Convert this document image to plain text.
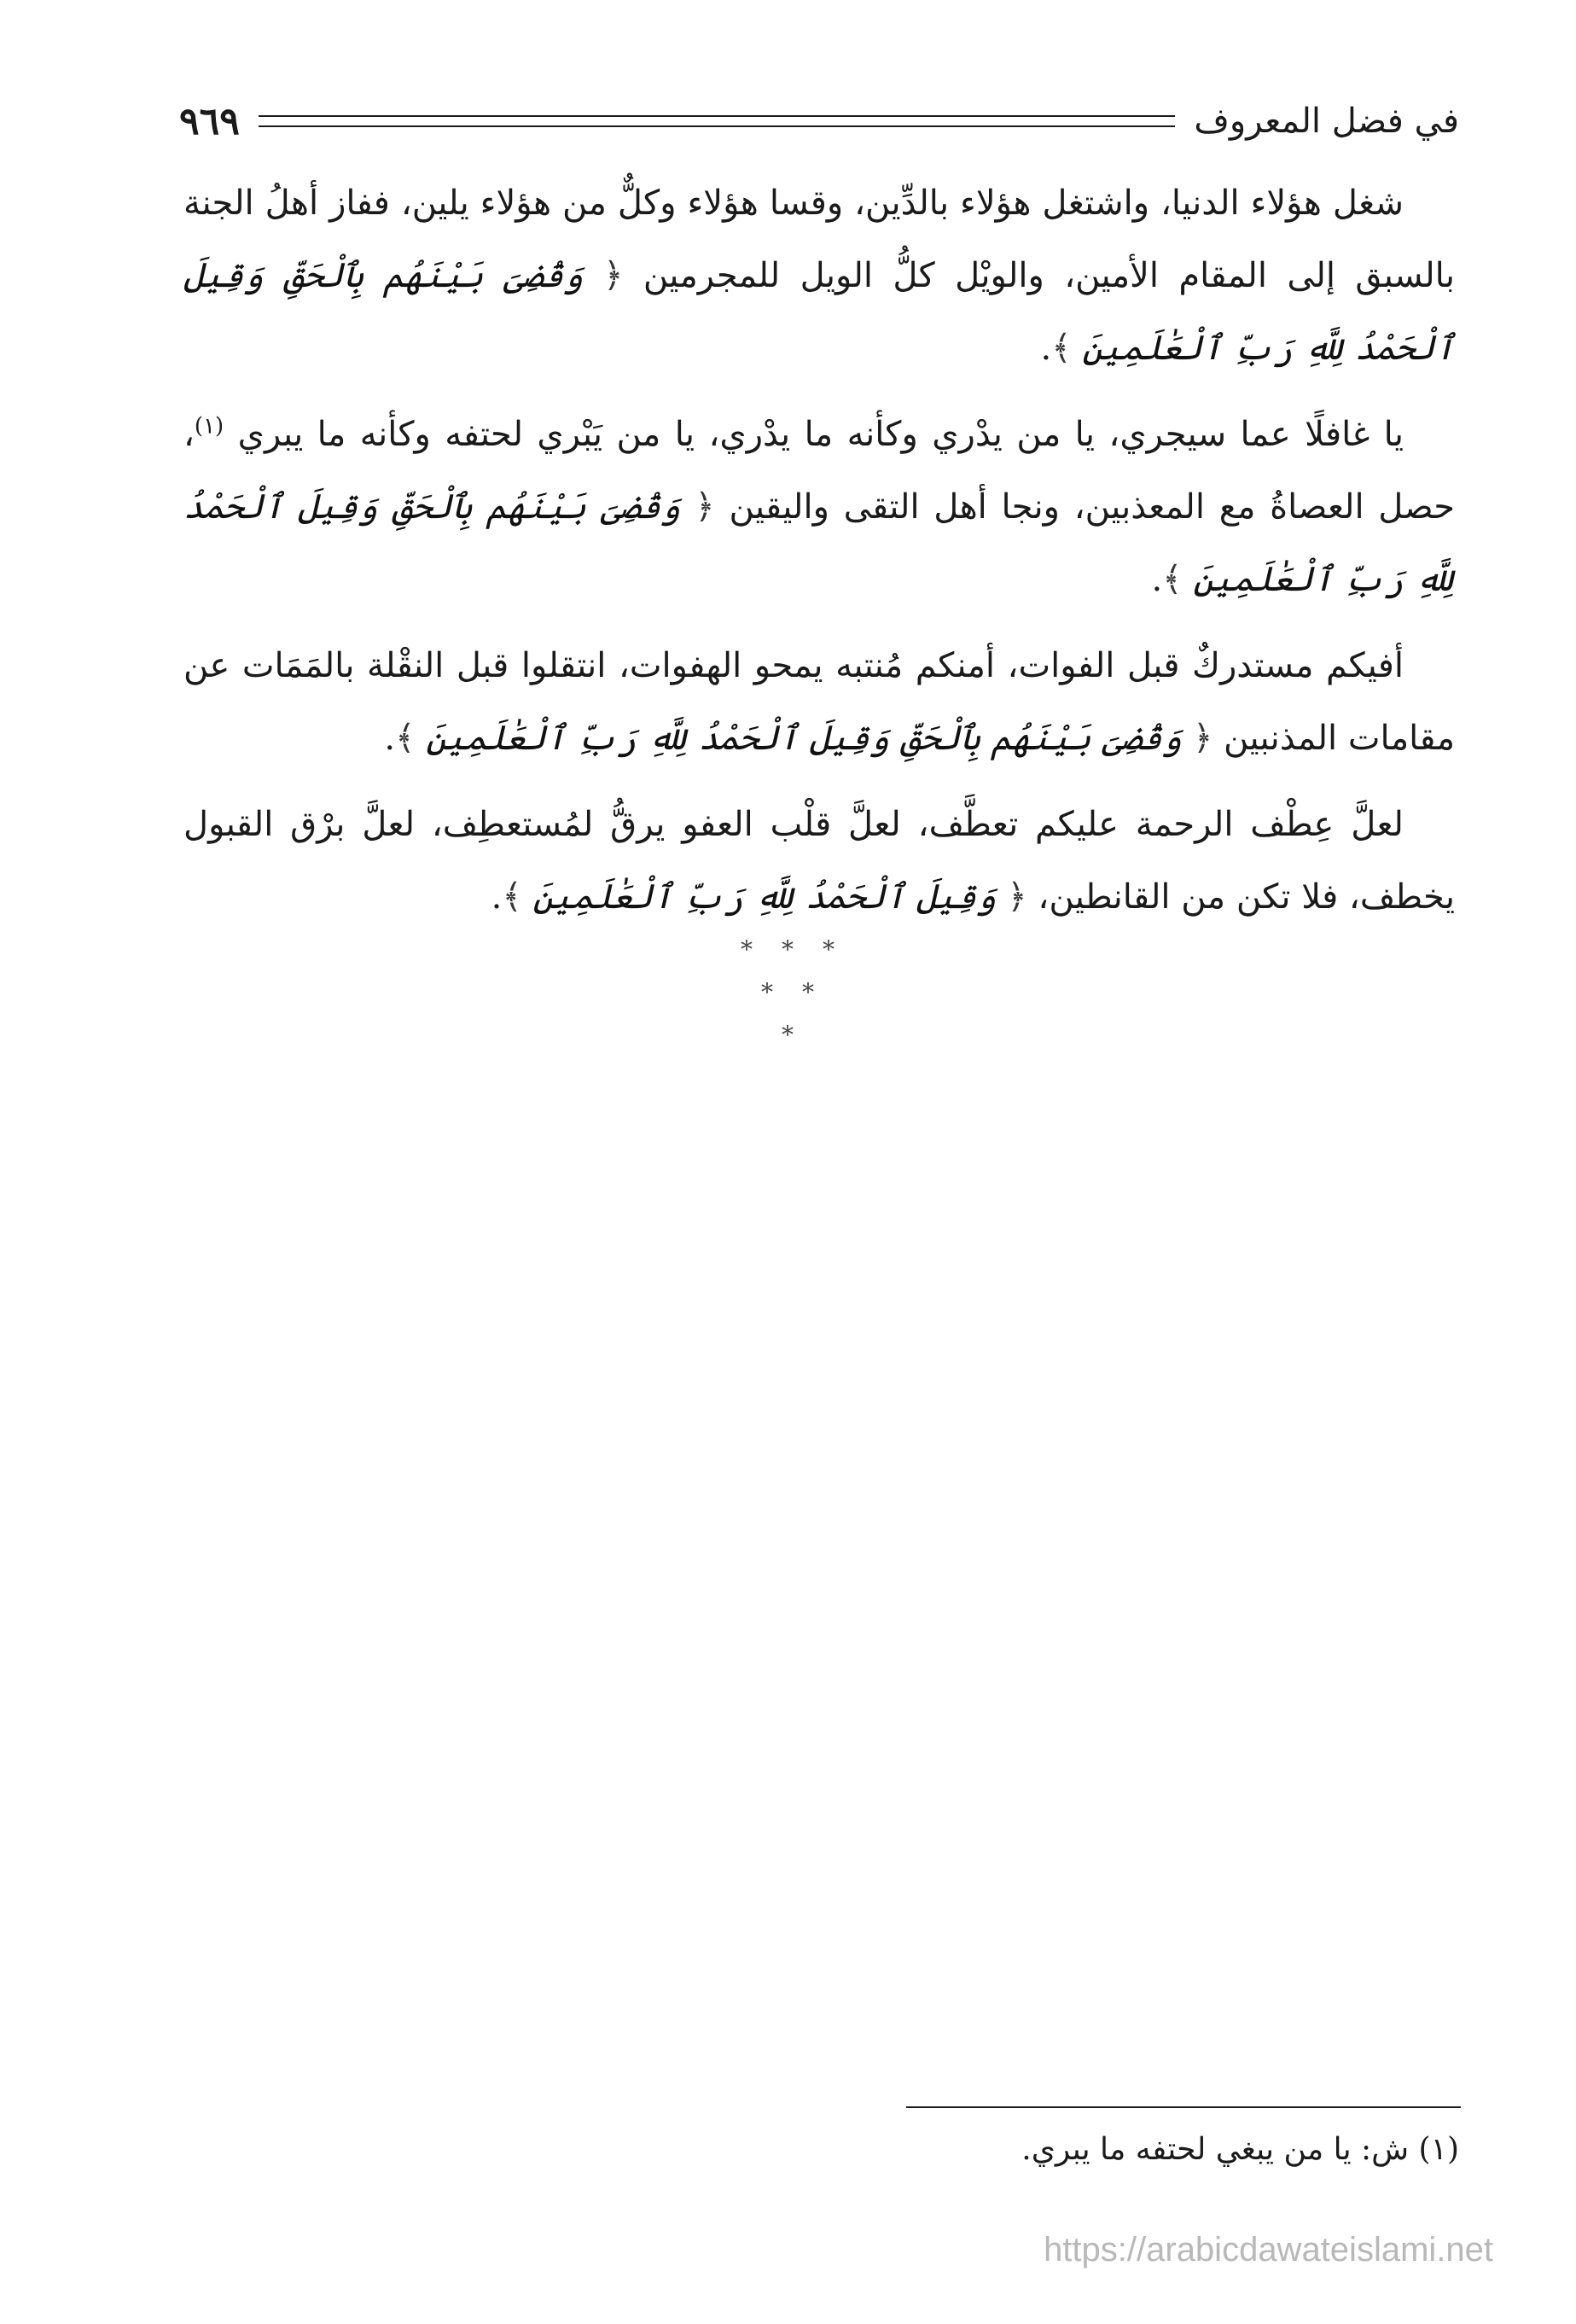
في فضل المعروف
٩٦٩

شغل هؤلاء الدنيا، واشتغل هؤلاء بالدِّين، وقسا هؤلاء وكلٌّ من هؤلاء يلين، ففاز أهلُ الجنة بالسبق إلى المقام الأمين، والويْل كلُّ الويل للمجرمين ﴿ وَقُضِىَ بَيْنَهُم بِٱلْحَقِّ وَقِيلَ ٱلْحَمْدُ لِلَّهِ رَبِّ ٱلْعَٰلَمِينَ ﴾.

يا غافلًا عما سيجري، يا من يدْري وكأنه ما يدْري، يا من يَبْري لحتفه وكأنه ما يبري $^{(١)}$، حصل العصاةُ مع المعذبين، ونجا أهل التقى واليقين ﴿ وَقُضِىَ بَيْنَهُم بِٱلْحَقِّ وَقِيلَ ٱلْحَمْدُ لِلَّهِ رَبِّ ٱلْعَٰلَمِينَ ﴾.

أفيكم مستدركٌ قبل الفوات، أمنكم مُنتبه يمحو الهفوات، انتقلوا قبل النقْلة بالمَمَات عن مقامات المذنبين ﴿ وَقُضِىَ بَيْنَهُم بِٱلْحَقِّ وَقِيلَ ٱلْحَمْدُ لِلَّهِ رَبِّ ٱلْعَٰلَمِينَ ﴾.

لعلَّ عِطْف الرحمة عليكم تعطَّف، لعلَّ قلْب العفو يرقُّ لمُستعطِف، لعلَّ برْق القبول يخطف، فلا تكن من القانطين، ﴿ وَقِيلَ ٱلْحَمْدُ لِلَّهِ رَبِّ ٱلْعَٰلَمِينَ ﴾.

***
**
*
(١) ش: يا من يبغي لحتفه ما يبري.
https://arabicdawateislami.net
